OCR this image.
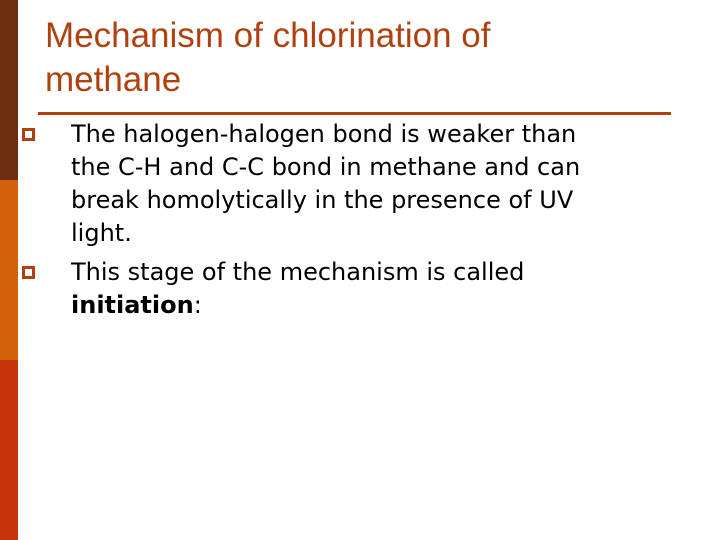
Mechanism of chlorination of
methane
The halogen-halogen bond is weaker than
the C-H and C-C bond in methane and can
break homolytically in the presence of UV
light.
This stage of the mechanism is called
initiation:
